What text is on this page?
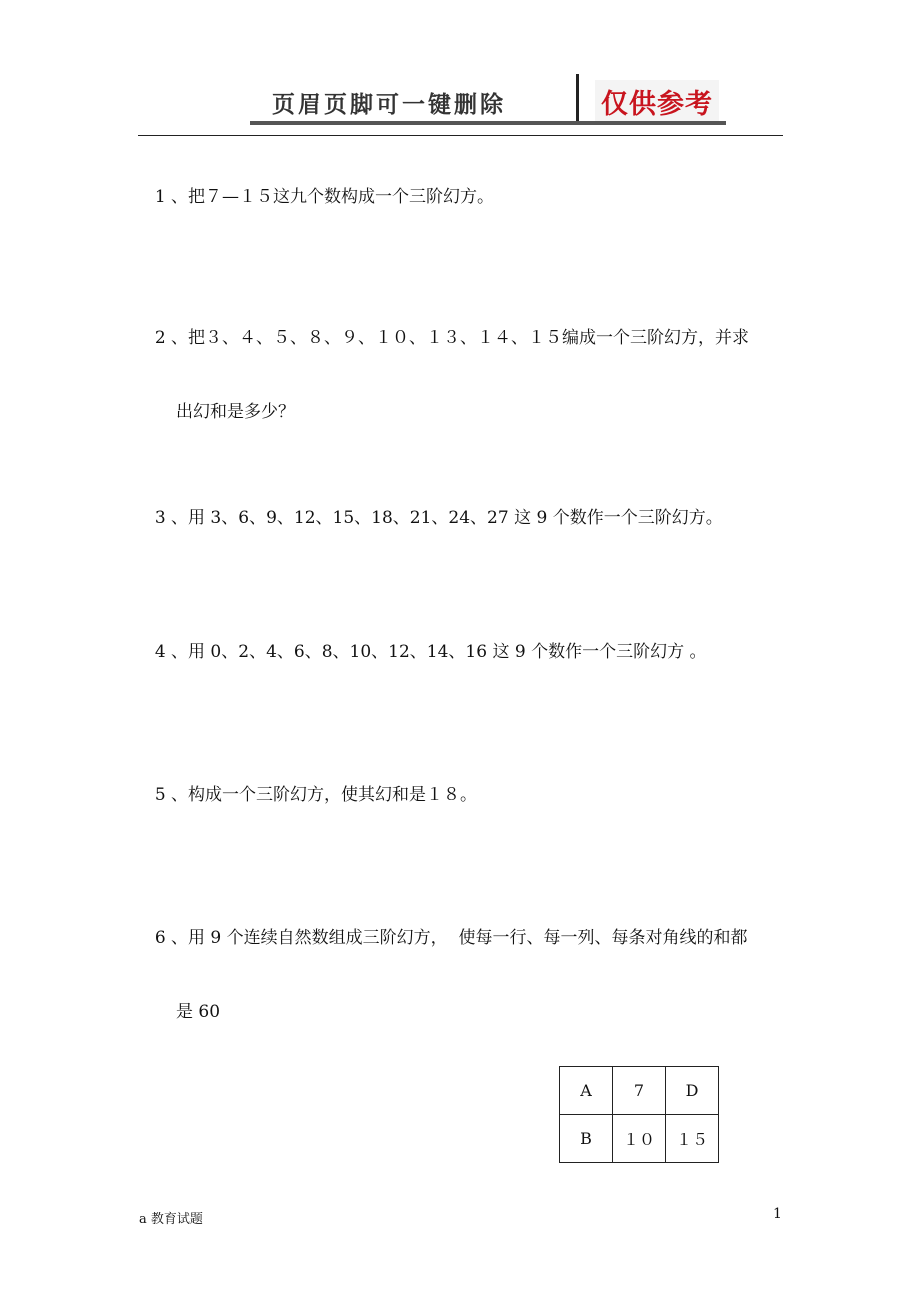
页眉页脚可一键删除	仅供参考

1 、把７—１５这九个数构成一个三阶幻方。

2 、把３、４、５、８、９、１０、１３、１４、１５编成一个三阶幻方，并求

出幻和是多少？

3 、用 3、6、9、12、15、18、21、24、27 这 9 个数作一个三阶幻方。

4 、用 0、2、4、6、8、10、12、14、16 这 9 个数作一个三阶幻方 。

5 、构成一个三阶幻方，使其幻和是１８。

6 、用 9 个连续自然数组成三阶幻方，  使每一行、每一列、每条对角线的和都

是 60

A	7	D
B	１０	１５
a 教育试题	1
